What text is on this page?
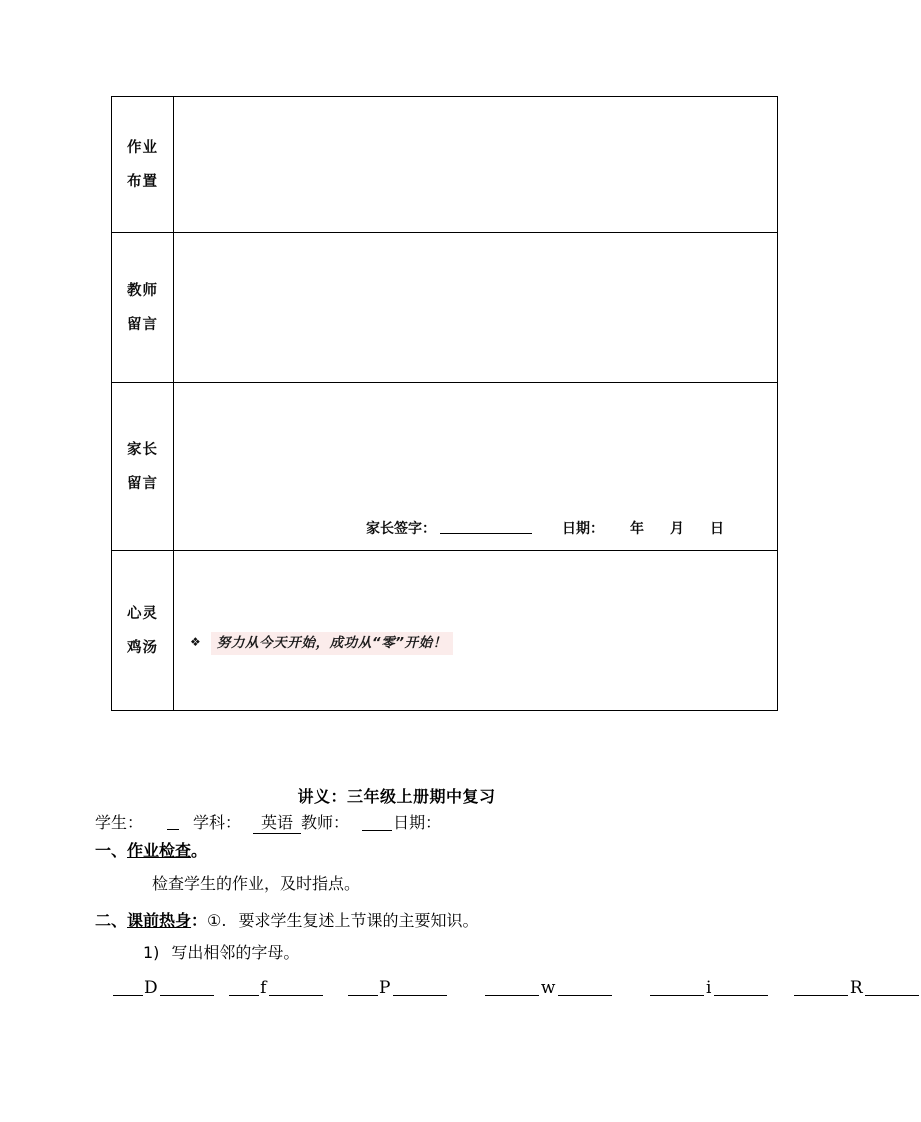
作业
布置	

教师
留言	

家长
留言	家长签字： 日期： 年 月 日

心灵
鸡汤	❖ 努力从今天开始，成功从“零”开始！
讲义：三年级上册期中复习
学生：	学科： 英语 教师：	日期：
一、作业检查。
检查学生的作业，及时指点。
二、课前热身：①. 要求学生复述上节课的主要知识。
1) 写出相邻的字母。
D	f	P	w	i	R
